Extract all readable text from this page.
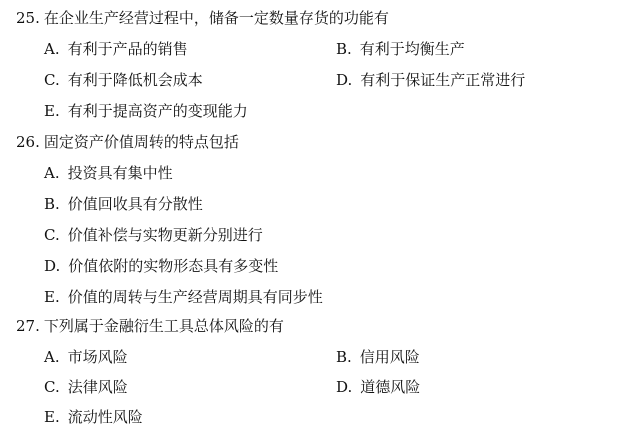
25. 在企业生产经营过程中，储备一定数量存货的功能有
A. 有利于产品的销售	B. 有利于均衡生产
C. 有利于降低机会成本	D. 有利于保证生产正常进行
E. 有利于提高资产的变现能力
26. 固定资产价值周转的特点包括
A. 投资具有集中性
B. 价值回收具有分散性
C. 价值补偿与实物更新分别进行
D. 价值依附的实物形态具有多变性
E. 价值的周转与生产经营周期具有同步性
27. 下列属于金融衍生工具总体风险的有
A. 市场风险	B. 信用风险
C. 法律风险	D. 道德风险
E. 流动性风险
